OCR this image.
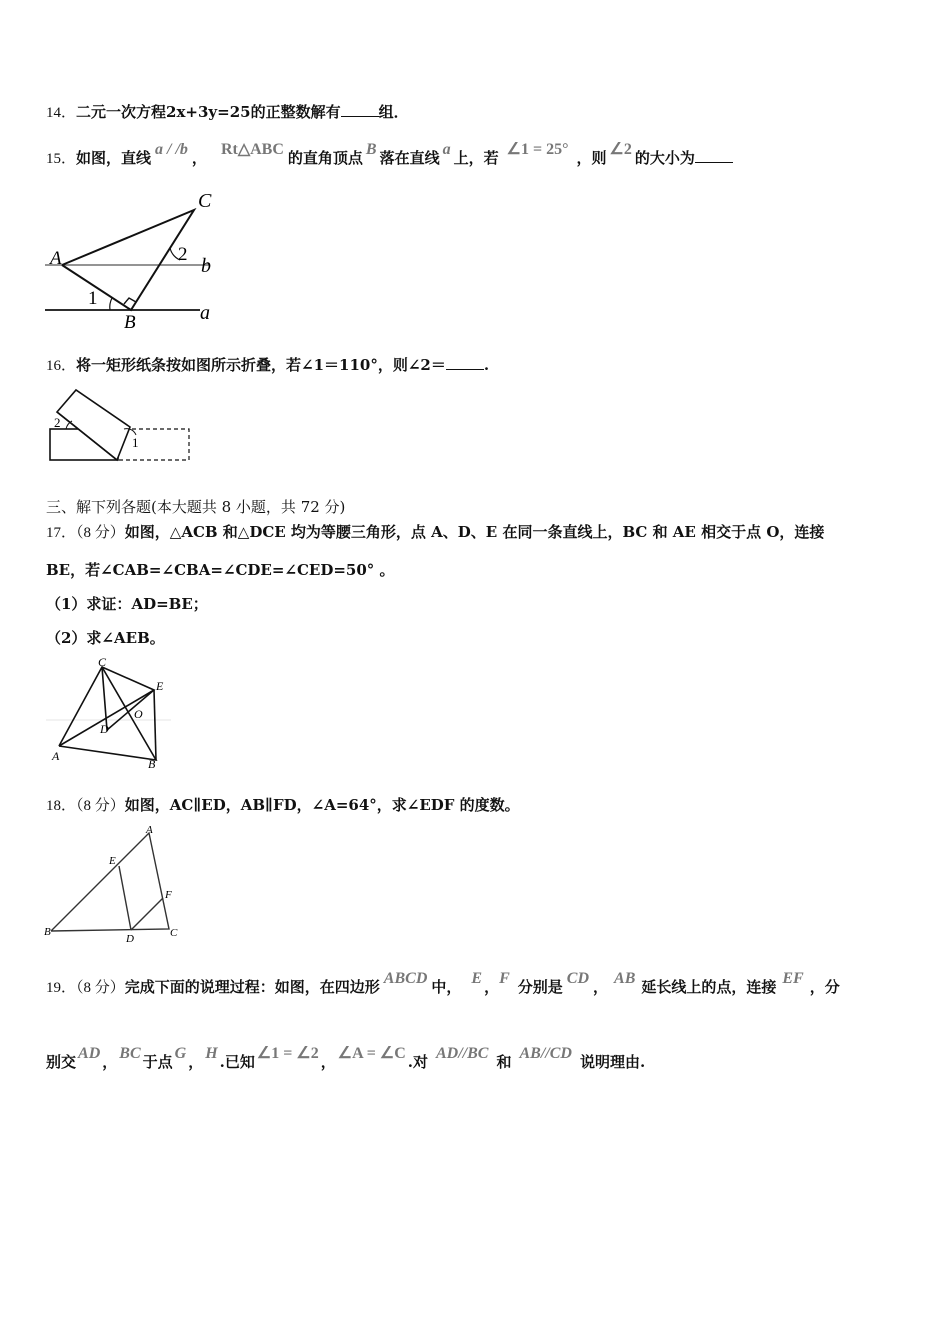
14．二元一次方程2x+3y=25的正整数解有	组．
15．如图，直线 a / /b ， Rt△ABC 的直角顶点 B 落在直线 a 上，若 ∠1 = 25° ，则 ∠2 的大小为
C
A
B	a
b
1
2
16．将一矩形纸条按如图所示折叠，若∠1＝110°，则∠2＝	.
2
1
三、解下列各题(本大题共 8 小题，共 72 分)
17．（8 分）如图，△ACB 和△DCE 均为等腰三角形，点 A、D、E 在同一条直线上，BC 和 AE 相交于点 O，连接
BE，若∠CAB=∠CBA=∠CDE=∠CED=50° 。
（1）求证：AD=BE；
（2）求∠AEB。
C
E
O
D
A
B
18．（8 分）如图，AC∥ED，AB∥FD，∠A=64°，求∠EDF 的度数。
A
E
F
B
D	C
19．（8 分）完成下面的说理过程：如图，在四边形 ABCD 中， E ，F 分别是 CD ， AB 延长线上的点，连接 EF ，分
别交 AD ， BC 于点 G ， H .已知 ∠1 = ∠2 ， ∠A = ∠C .对 AD//BC 和 AB//CD 说明理由.
